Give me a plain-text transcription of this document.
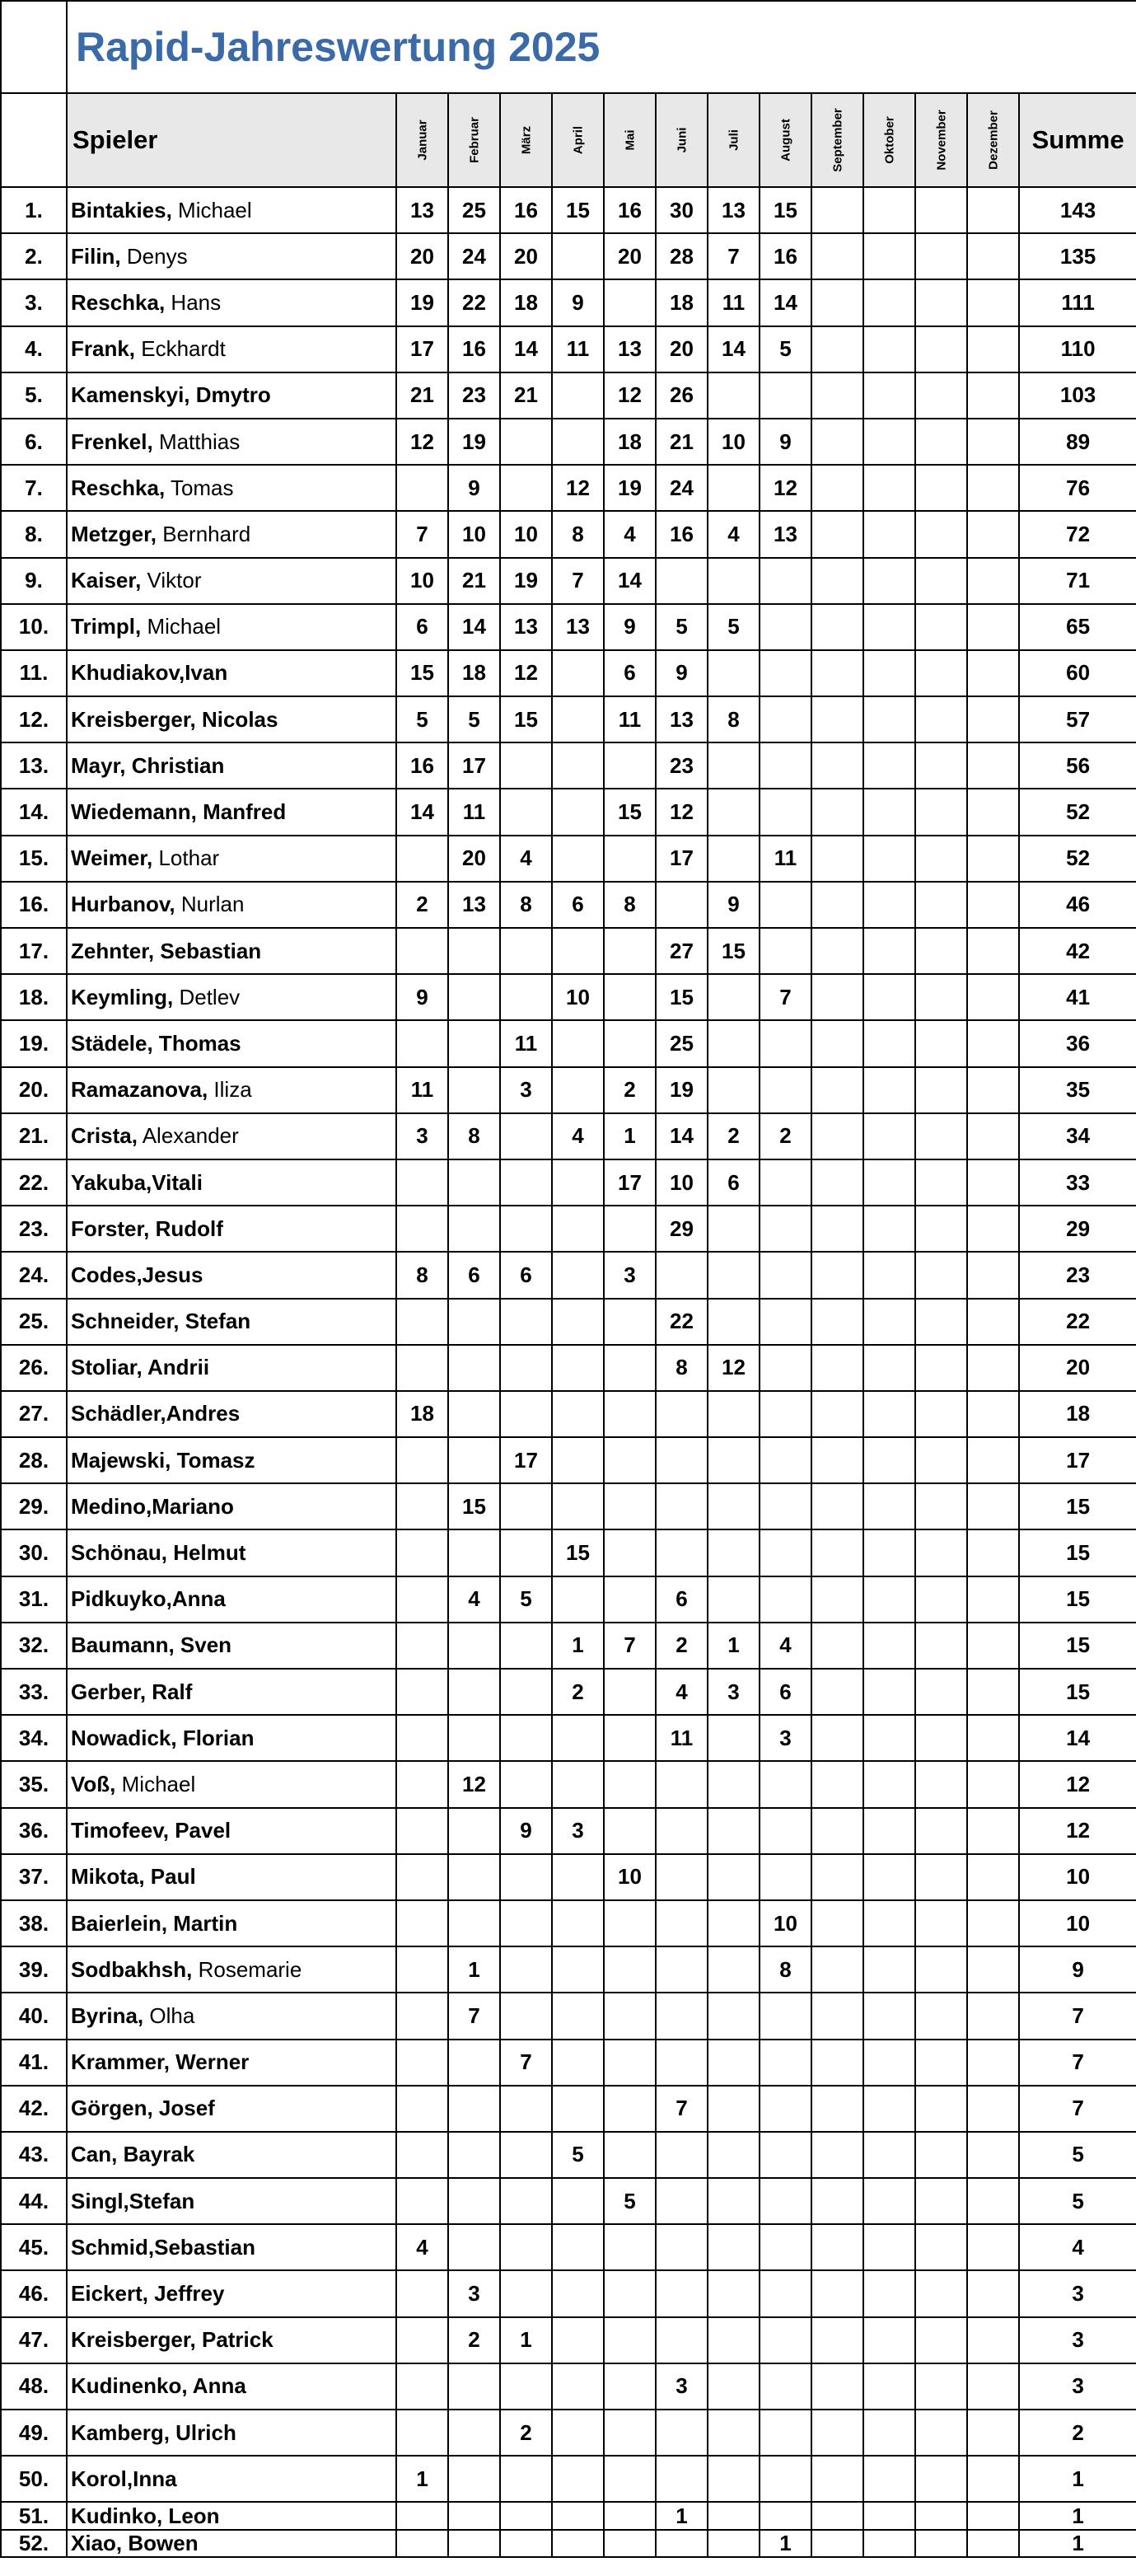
	Rapid-Jahreswertung 2025													
	Spieler	Januar	Februar	März	April	Mai	Juni	Juli	August	September	Oktober	November	Dezember	Summe
1.	Bintakies, Michael	13	25	16	15	16	30	13	15					143
2.	Filin, Denys	20	24	20		20	28	7	16					135
3.	Reschka, Hans	19	22	18	9		18	11	14					111
4.	Frank, Eckhardt	17	16	14	11	13	20	14	5					110
5.	Kamenskyi, Dmytro	21	23	21		12	26							103
6.	Frenkel, Matthias	12	19			18	21	10	9					89
7.	Reschka, Tomas		9		12	19	24		12					76
8.	Metzger, Bernhard	7	10	10	8	4	16	4	13					72
9.	Kaiser, Viktor	10	21	19	7	14								71
10.	Trimpl, Michael	6	14	13	13	9	5	5						65
11.	Khudiakov,Ivan	15	18	12		6	9							60
12.	Kreisberger, Nicolas	5	5	15		11	13	8						57
13.	Mayr, Christian	16	17				23							56
14.	Wiedemann, Manfred	14	11			15	12							52
15.	Weimer, Lothar		20	4			17		11					52
16.	Hurbanov, Nurlan	2	13	8	6	8		9						46
17.	Zehnter, Sebastian						27	15						42
18.	Keymling, Detlev	9			10		15		7					41
19.	Städele, Thomas			11			25							36
20.	Ramazanova, Iliza	11		3		2	19							35
21.	Crista, Alexander	3	8		4	1	14	2	2					34
22.	Yakuba,Vitali					17	10	6						33
23.	Forster, Rudolf						29							29
24.	Codes,Jesus	8	6	6		3								23
25.	Schneider, Stefan						22							22
26.	Stoliar, Andrii						8	12						20
27.	Schädler,Andres	18												18
28.	Majewski, Tomasz			17										17
29.	Medino,Mariano		15											15
30.	Schönau, Helmut				15									15
31.	Pidkuyko,Anna		4	5			6							15
32.	Baumann, Sven				1	7	2	1	4					15
33.	Gerber, Ralf				2		4	3	6					15
34.	Nowadick, Florian						11		3					14
35.	Voß, Michael		12											12
36.	Timofeev, Pavel			9	3									12
37.	Mikota, Paul					10								10
38.	Baierlein, Martin								10					10
39.	Sodbakhsh, Rosemarie		1						8					9
40.	Byrina, Olha		7											7
41.	Krammer, Werner			7										7
42.	Görgen, Josef						7							7
43.	Can, Bayrak				5									5
44.	Singl,Stefan					5								5
45.	Schmid,Sebastian	4												4
46.	Eickert, Jeffrey		3											3
47.	Kreisberger, Patrick		2	1										3
48.	Kudinenko, Anna						3							3
49.	Kamberg, Ulrich			2										2
50.	Korol,Inna	1												1
51.	Kudinko, Leon						1							1
52.	Xiao, Bowen								1					1
